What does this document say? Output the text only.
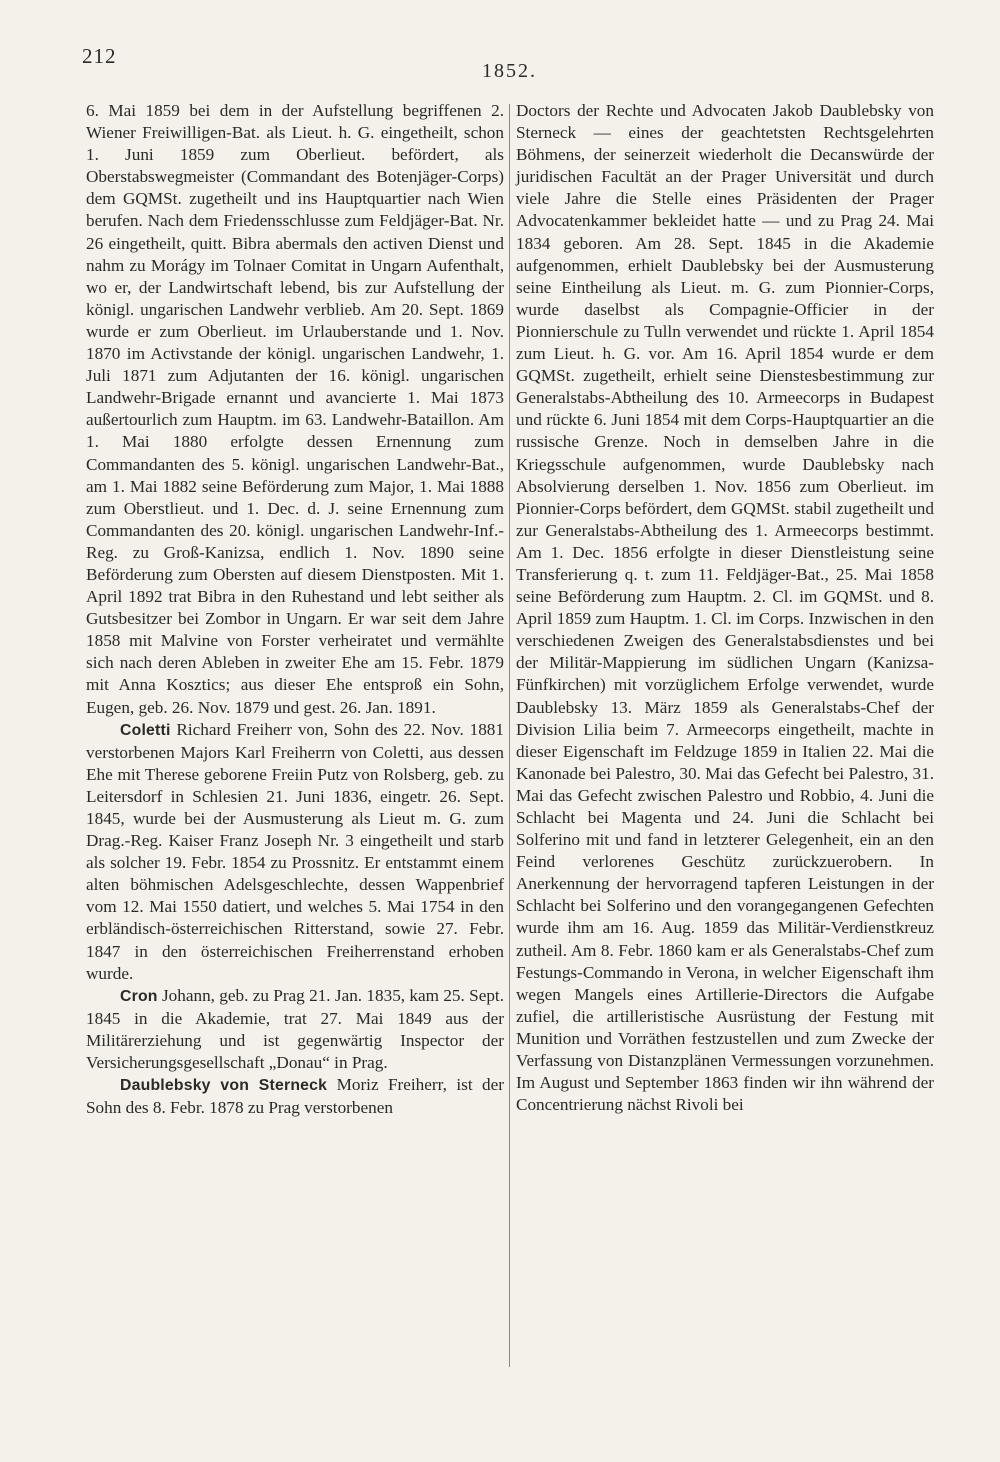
212
1852.

6. Mai 1859 bei dem in der Aufstellung begriffenen 2. Wiener Freiwilligen-Bat. als Lieut. h. G. eingetheilt, schon 1. Juni 1859 zum Oberlieut. befördert, als Oberstabswegmeister (Commandant des Botenjäger-Corps) dem GQMSt. zugetheilt und ins Hauptquartier nach Wien berufen. Nach dem Friedensschlusse zum Feldjäger-Bat. Nr. 26 eingetheilt, quitt. Bibra abermals den activen Dienst und nahm zu Morágy im Tolnaer Comitat in Ungarn Aufenthalt, wo er, der Landwirtschaft lebend, bis zur Aufstellung der königl. ungarischen Landwehr verblieb. Am 20. Sept. 1869 wurde er zum Oberlieut. im Urlauberstande und 1. Nov. 1870 im Activstande der königl. ungarischen Landwehr, 1. Juli 1871 zum Adjutanten der 16. königl. ungarischen Landwehr-Brigade ernannt und avancierte 1. Mai 1873 außertourlich zum Hauptm. im 63. Landwehr-Bataillon. Am 1. Mai 1880 erfolgte dessen Ernennung zum Commandanten des 5. königl. ungarischen Landwehr-Bat., am 1. Mai 1882 seine Beförderung zum Major, 1. Mai 1888 zum Oberstlieut. und 1. Dec. d. J. seine Ernennung zum Commandanten des 20. königl. ungarischen Landwehr-Inf.-Reg. zu Groß-Kanizsa, endlich 1. Nov. 1890 seine Beförderung zum Obersten auf diesem Dienstposten. Mit 1. April 1892 trat Bibra in den Ruhestand und lebt seither als Gutsbesitzer bei Zombor in Ungarn. Er war seit dem Jahre 1858 mit Malvine von Forster verheiratet und vermählte sich nach deren Ableben in zweiter Ehe am 15. Febr. 1879 mit Anna Kosztics; aus dieser Ehe entsproß ein Sohn, Eugen, geb. 26. Nov. 1879 und gest. 26. Jan. 1891.

Coletti Richard Freiherr von, Sohn des 22. Nov. 1881 verstorbenen Majors Karl Freiherrn von Coletti, aus dessen Ehe mit Therese geborene Freiin Putz von Rolsberg, geb. zu Leitersdorf in Schlesien 21. Juni 1836, eingetr. 26. Sept. 1845, wurde bei der Ausmusterung als Lieut m. G. zum Drag.-Reg. Kaiser Franz Joseph Nr. 3 eingetheilt und starb als solcher 19. Febr. 1854 zu Prossnitz. Er entstammt einem alten böhmischen Adelsgeschlechte, dessen Wappenbrief vom 12. Mai 1550 datiert, und welches 5. Mai 1754 in den erbländisch-österreichischen Ritterstand, sowie 27. Febr. 1847 in den österreichischen Freiherrenstand erhoben wurde.

Cron Johann, geb. zu Prag 21. Jan. 1835, kam 25. Sept. 1845 in die Akademie, trat 27. Mai 1849 aus der Militärerziehung und ist gegenwärtig Inspector der Versicherungsgesellschaft „Donau“ in Prag.

Daublebsky von Sterneck Moriz Freiherr, ist der Sohn des 8. Febr. 1878 zu Prag verstorbenen

Doctors der Rechte und Advocaten Jakob Daublebsky von Sterneck — eines der geachtetsten Rechtsgelehrten Böhmens, der seinerzeit wiederholt die Decanswürde der juridischen Facultät an der Prager Universität und durch viele Jahre die Stelle eines Präsidenten der Prager Advocatenkammer bekleidet hatte — und zu Prag 24. Mai 1834 geboren. Am 28. Sept. 1845 in die Akademie aufgenommen, erhielt Daublebsky bei der Ausmusterung seine Eintheilung als Lieut. m. G. zum Pionnier-Corps, wurde daselbst als Compagnie-Officier in der Pionnierschule zu Tulln verwendet und rückte 1. April 1854 zum Lieut. h. G. vor. Am 16. April 1854 wurde er dem GQMSt. zugetheilt, erhielt seine Dienstesbestimmung zur Generalstabs-Abtheilung des 10. Armeecorps in Budapest und rückte 6. Juni 1854 mit dem Corps-Hauptquartier an die russische Grenze. Noch in demselben Jahre in die Kriegsschule aufgenommen, wurde Daublebsky nach Absolvierung derselben 1. Nov. 1856 zum Oberlieut. im Pionnier-Corps befördert, dem GQMSt. stabil zugetheilt und zur Generalstabs-Abtheilung des 1. Armeecorps bestimmt. Am 1. Dec. 1856 erfolgte in dieser Dienstleistung seine Transferierung q. t. zum 11. Feldjäger-Bat., 25. Mai 1858 seine Beförderung zum Hauptm. 2. Cl. im GQMSt. und 8. April 1859 zum Hauptm. 1. Cl. im Corps. Inzwischen in den verschiedenen Zweigen des Generalstabsdienstes und bei der Militär-Mappierung im südlichen Ungarn (Kanizsa-Fünfkirchen) mit vorzüglichem Erfolge verwendet, wurde Daublebsky 13. März 1859 als Generalstabs-Chef der Division Lilia beim 7. Armeecorps eingetheilt, machte in dieser Eigenschaft im Feldzuge 1859 in Italien 22. Mai die Kanonade bei Palestro, 30. Mai das Gefecht bei Palestro, 31. Mai das Gefecht zwischen Palestro und Robbio, 4. Juni die Schlacht bei Magenta und 24. Juni die Schlacht bei Solferino mit und fand in letzterer Gelegenheit, ein an den Feind verlorenes Geschütz zurückzuerobern. In Anerkennung der hervorragend tapferen Leistungen in der Schlacht bei Solferino und den vorangegangenen Gefechten wurde ihm am 16. Aug. 1859 das Militär-Verdienstkreuz zutheil. Am 8. Febr. 1860 kam er als Generalstabs-Chef zum Festungs-Commando in Verona, in welcher Eigenschaft ihm wegen Mangels eines Artillerie-Directors die Aufgabe zufiel, die artilleristische Ausrüstung der Festung mit Munition und Vorräthen festzustellen und zum Zwecke der Verfassung von Distanzplänen Vermessungen vorzunehmen. Im August und September 1863 finden wir ihn während der Concentrierung nächst Rivoli bei
